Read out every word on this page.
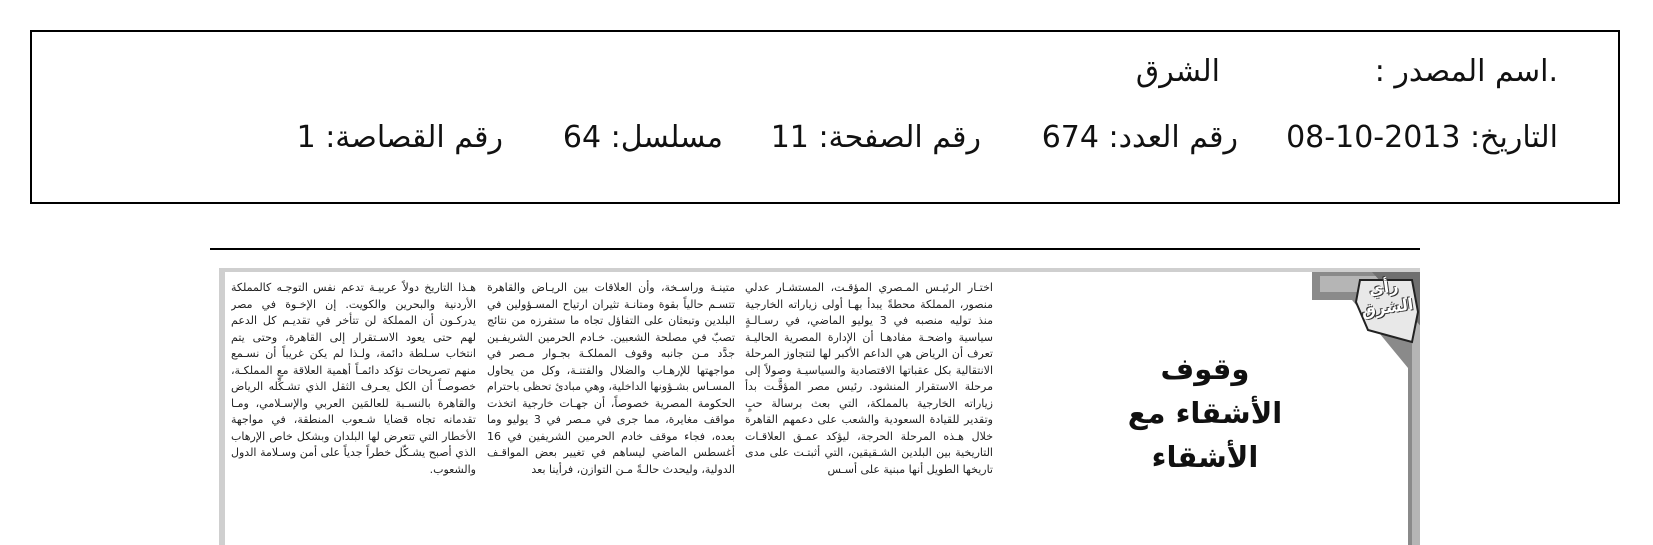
.اسم المصدر :
الشرق
التاريخ: 2013-10-08
رقم العدد: 674
رقم الصفحة: 11
مسلسل: 64
رقم القصاصة: 1
هـذا التاريخ دولاً عربيـة تدعم نفس التوجـه كالمملكة الأردنية والبحرين والكويت. إن الإخـوة في مصر يدركـون أن المملكة لن تتأخر في تقديـم كل الدعم لهم حتى يعود الاسـتقرار إلى القاهرة، وحتى يتم انتخاب سـلطة دائمة، ولـذا لم يكن غريباً أن نسـمع منهم تصريحات تؤكد دائمـاً أهمية العلاقة مع المملكـة، خصوصـاً أن الكل يعـرف الثقل الذي تشـكِّله الرياض والقاهرة بالنسـبة للعالمَين العربي والإسـلامي، ومـا تقدمانه تجاه قضايا شـعوب المنطقة، في مواجهة الأخطار التي تتعرض لها البلدان وبشكل خاص الإرهاب الذي أصبح يشـكّل خطراً جدياً على أمن وسـلامة الدول والشعوب.
متينـة وراسـخة، وأن العلاقات بين الريـاض والقاهرة تتسـم حالياً بقوة ومتانـة تثيران ارتياح المسـؤولين في البلدين وتبعثان على التفاؤل تجاه ما ستفرزه من نتائج تصبّ في مصلحة الشعبين. خـادم الحرمين الشريفـين جدَّد مـن جانبه وقوف المملكـة بجـوار مـصر في مواجهتها للإرهـاب والضلال والفتنـة، وكل من يحاول المسـاس بشـؤونها الداخلية، وهي مبادئ تحظى باحترام الحكومة المصرية خصوصاً، أن جهـات خارجية اتخذت مواقف مغايرة، مما جرى في مـصر في 3 يوليو وما بعده، فجاء موقف خادم الحرمين الشريفين في 16 أغسطس الماضي ليساهم في تغيير بعض المواقـف الدولية، وليحدث حالـةً مـن التوازن، فرأينا بعد
اختـار الرئيـس المـصري المؤقـت، المستشـار عدلي منصور، المملكة محطةً يبدأ بهـا أولى زياراته الخارجية منذ توليه منصبه في 3 يوليو الماضي، في رسـالـةٍ سياسية واضحـة مفادهـا أن الإدارة المصرية الحاليـة تعرف أن الرياض هي الداعم الأكبر لها لتتجاوز المرحلة الانتقالية بكل عقباتها الاقتصادية والسياسيـة وصولاً إلى مرحلة الاستقرار المنشود. رئيس مصر المؤقَّـت بدأ زياراته الخارجية بالمملكة، التي بعث برسالة حبٍ وتقدير للقيادة السعودية والشعب على دعمهم القاهرة خلال هـذه المرحلة الحرجة، ليؤكد عمـق العلاقـات التاريخية بين البلدين الشـقيقين، التي أثبتـت على مدى تاريخها الطويل أنها مبنية على أسـس
وقوف الأشقاء مع الأشقاء
رأي الشرق
